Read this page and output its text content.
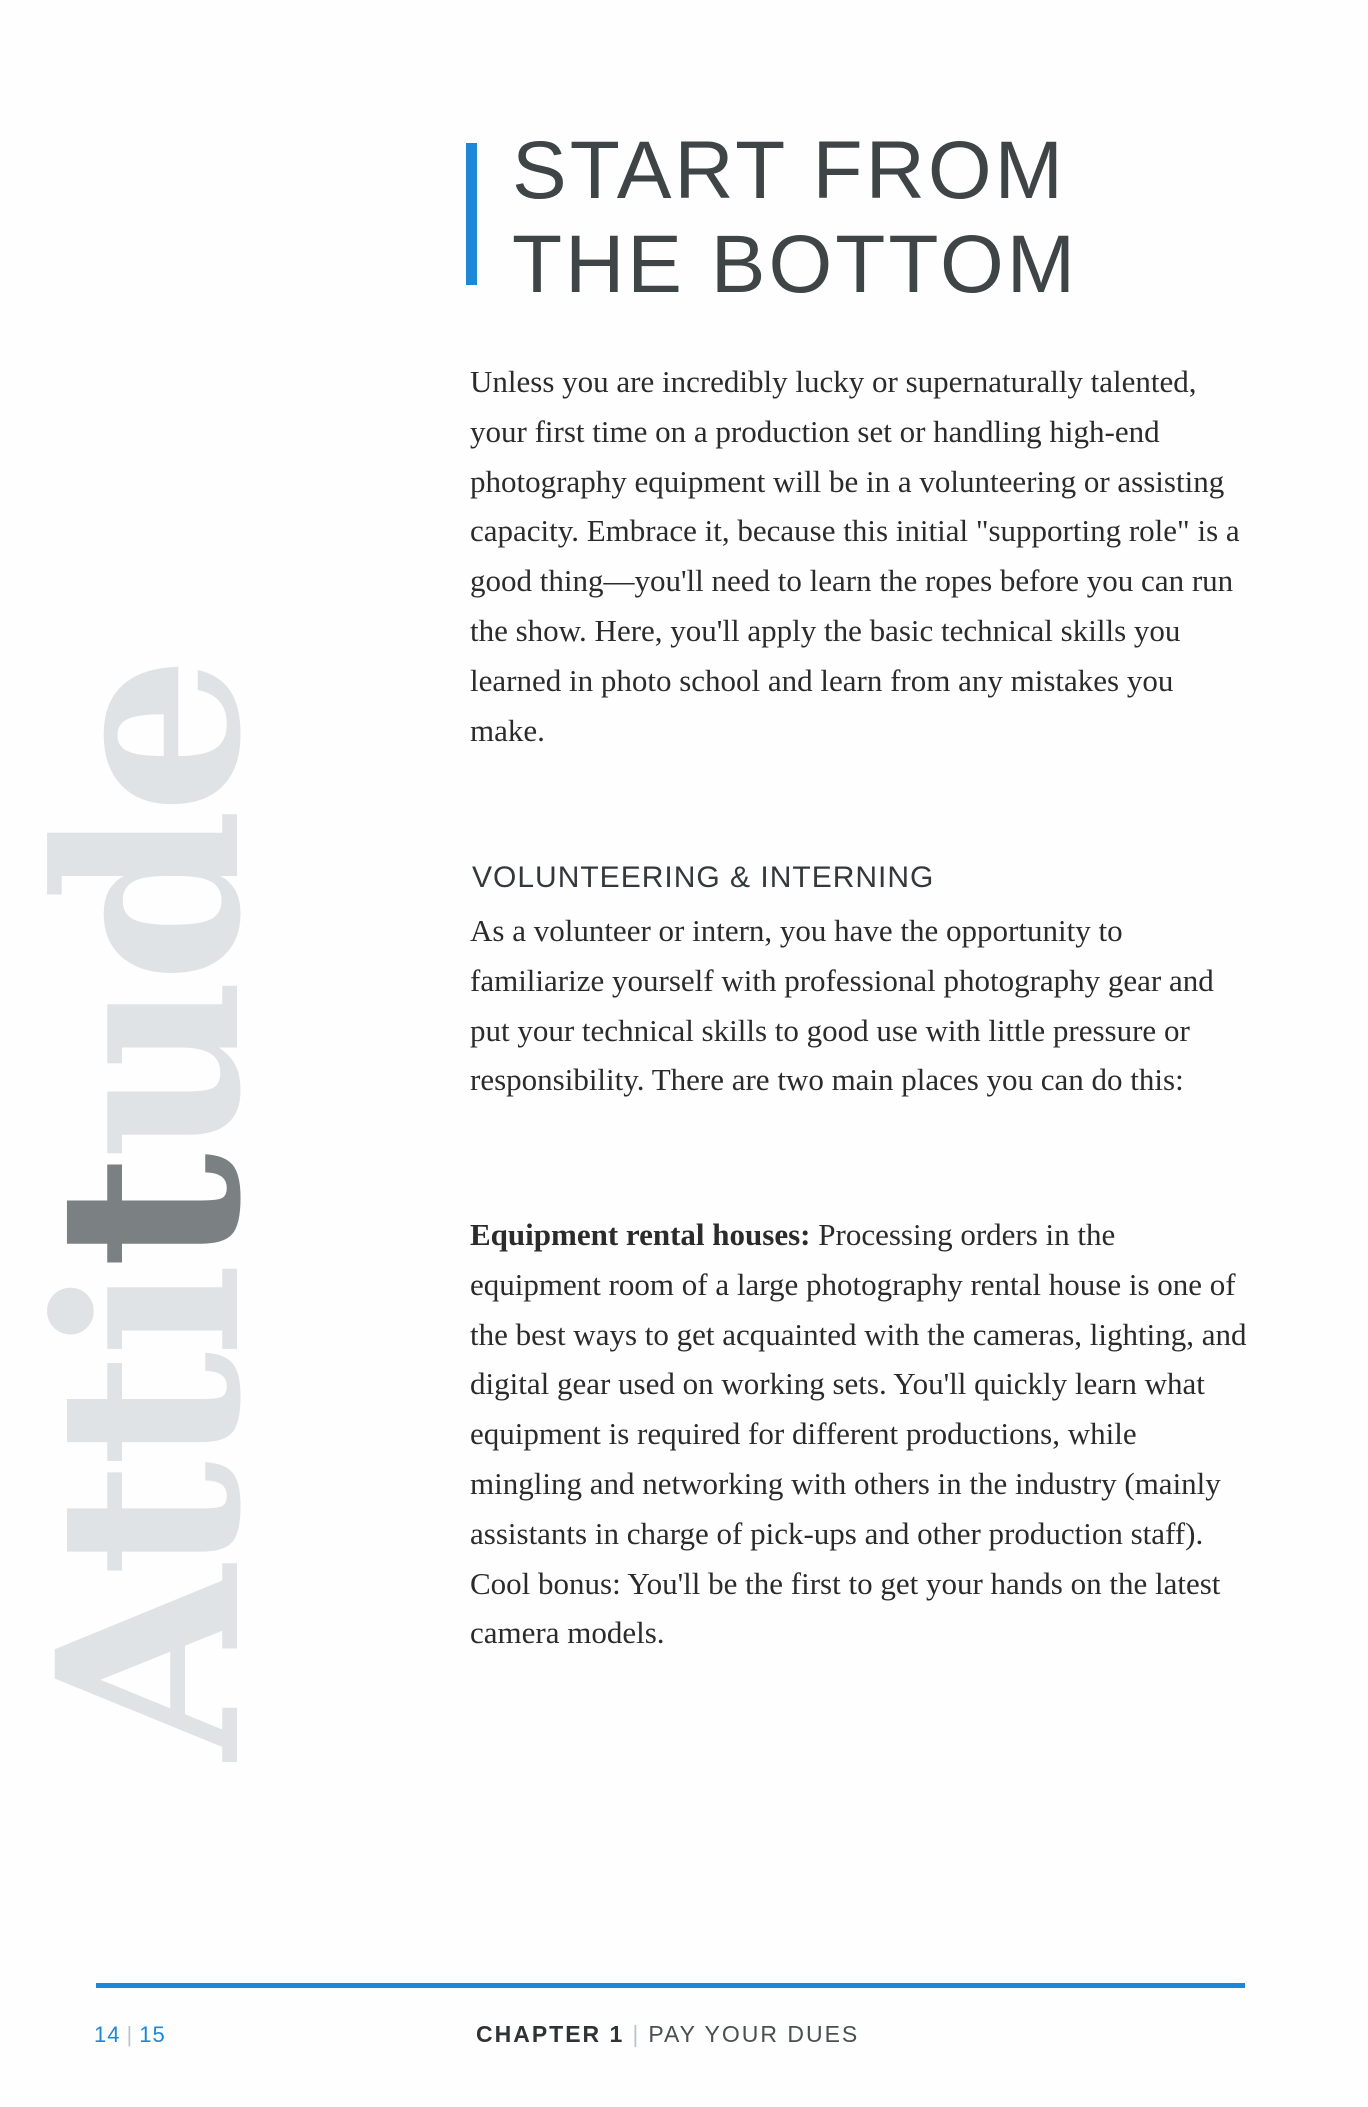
Attitude
START FROM
THE BOTTOM

Unless you are incredibly lucky or supernaturally talented, your first time on a production set or handling high-end photography equipment will be in a volunteering or assisting capacity. Embrace it, because this initial "supporting role" is a good thing—you'll need to learn the ropes before you can run the show. Here, you'll apply the basic technical skills you learned in photo school and learn from any mistakes you make.

VOLUNTEERING & INTERNING

As a volunteer or intern, you have the opportunity to familiarize yourself with professional photography gear and put your technical skills to good use with little pressure or responsibility. There are two main places you can do this:

Equipment rental houses: Processing orders in the equipment room of a large photography rental house is one of the best ways to get acquainted with the cameras, lighting, and digital gear used on working sets. You'll quickly learn what equipment is required for different productions, while mingling and networking with others in the industry (mainly assistants in charge of pick-ups and other production staff). Cool bonus: You'll be the first to get your hands on the latest camera models.

14 | 15	CHAPTER 1 | PAY YOUR DUES
